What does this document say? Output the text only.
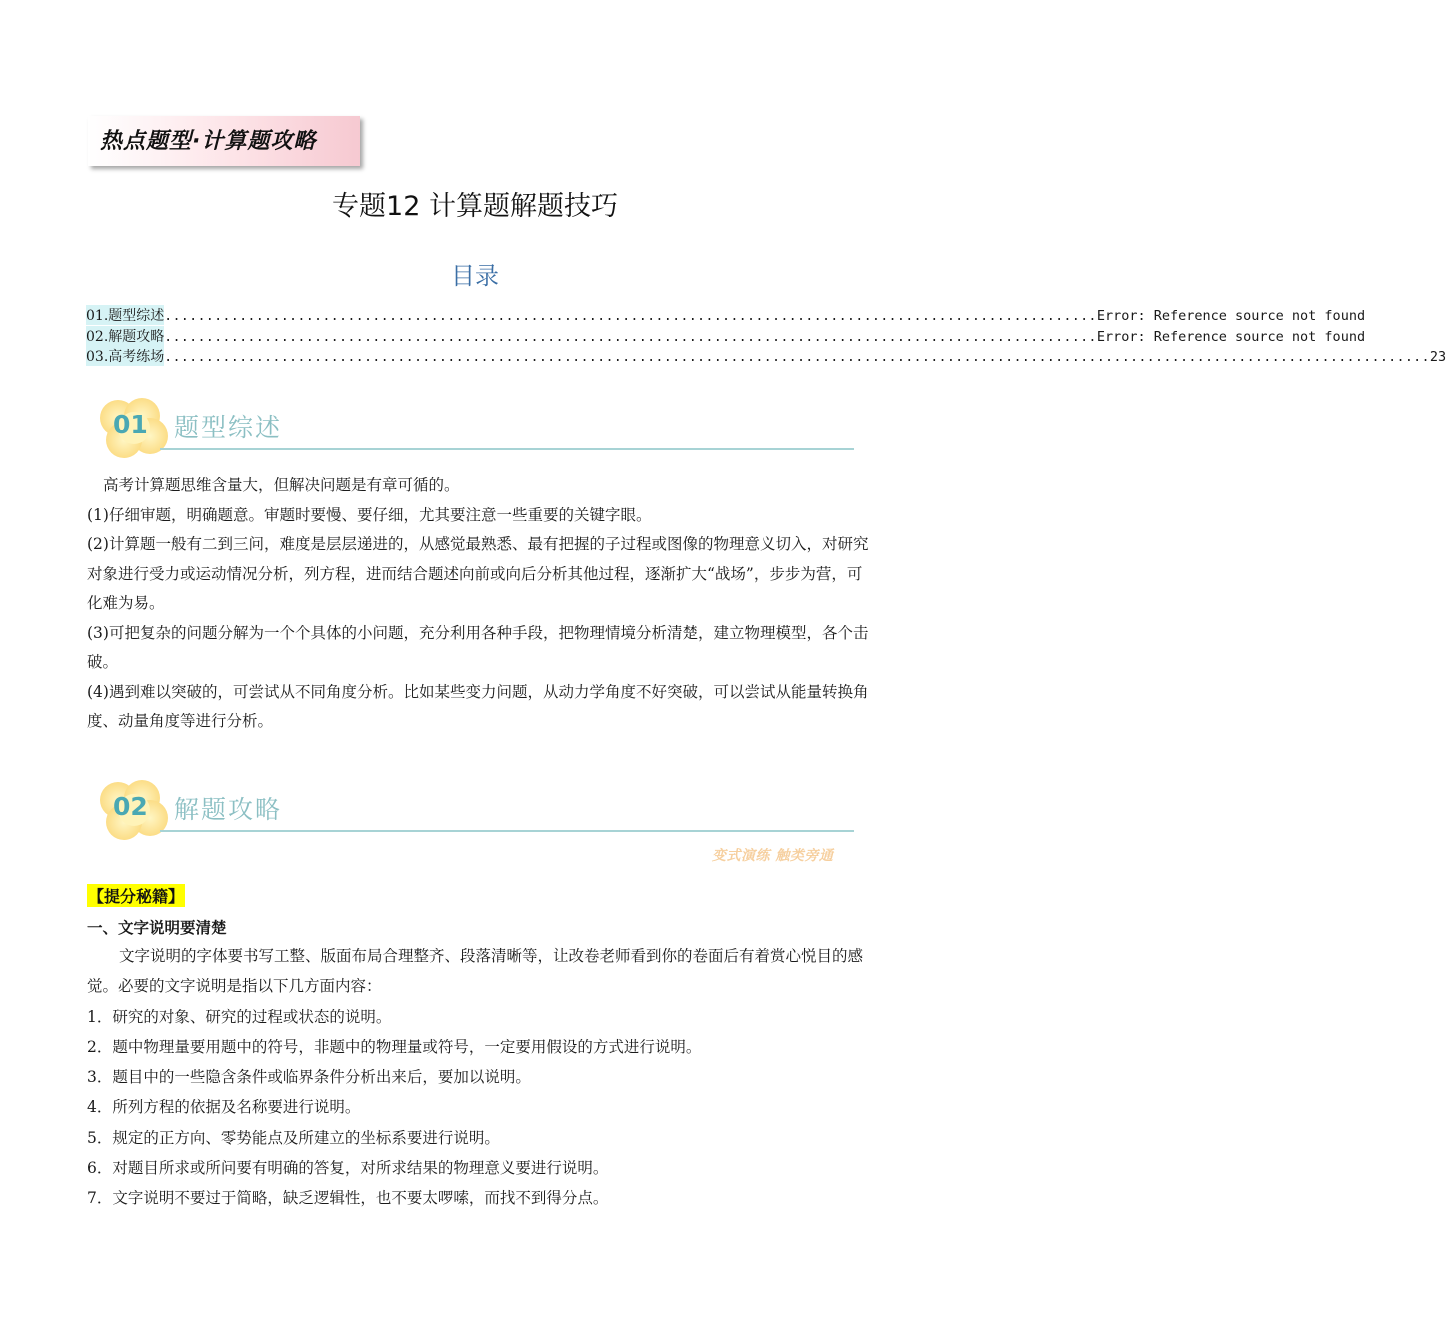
热点题型·计算题攻略
专题12 计算题解题技巧
目录
01.题型综述 ................................................................................................................ Error: Reference source not found
02.解题攻略 ................................................................................................................ Error: Reference source not found
03.高考练场 ........................................................................................................................................................ 23
01 题型综述

高考计算题思维含量大，但解决问题是有章可循的。

(1)仔细审题，明确题意。审题时要慢、要仔细，尤其要注意一些重要的关键字眼。

(2)计算题一般有二到三问，难度是层层递进的，从感觉最熟悉、最有把握的子过程或图像的物理意义切入，对研究对象进行受力或运动情况分析，列方程，进而结合题述向前或向后分析其他过程，逐渐扩大“战场”，步步为营，可化难为易。

(3)可把复杂的问题分解为一个个具体的小问题，充分利用各种手段，把物理情境分析清楚，建立物理模型，各个击破。

(4)遇到难以突破的，可尝试从不同角度分析。比如某些变力问题，从动力学角度不好突破，可以尝试从能量转换角度、动量角度等进行分析。

02 解题攻略
变式演练 触类旁通
【提分秘籍】
一、文字说明要清楚

文字说明的字体要书写工整、版面布局合理整齐、段落清晰等，让改卷老师看到你的卷面后有着赏心悦目的感觉。必要的文字说明是指以下几方面内容：

1．研究的对象、研究的过程或状态的说明。

2．题中物理量要用题中的符号，非题中的物理量或符号，一定要用假设的方式进行说明。

3．题目中的一些隐含条件或临界条件分析出来后，要加以说明。

4．所列方程的依据及名称要进行说明。

5．规定的正方向、零势能点及所建立的坐标系要进行说明。

6．对题目所求或所问要有明确的答复，对所求结果的物理意义要进行说明。

7．文字说明不要过于简略，缺乏逻辑性，也不要太啰嗦，而找不到得分点。
